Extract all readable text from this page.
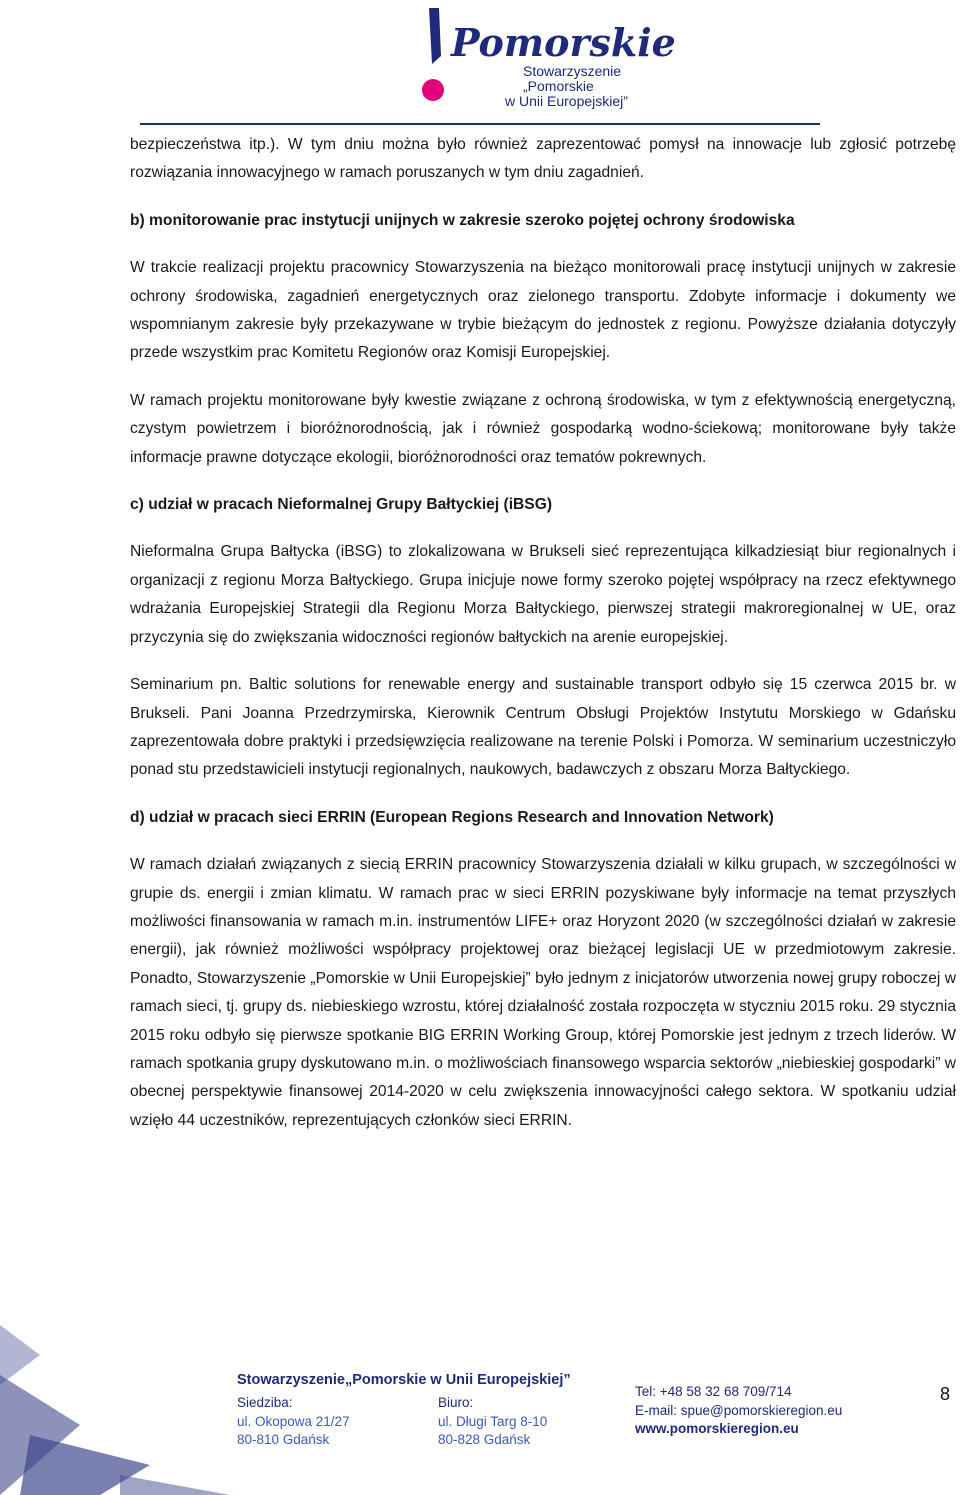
Pomorskie
Stowarzyszenie
„Pomorskie
w Unii Europejskiej”

bezpieczeństwa itp.). W tym dniu można było również zaprezentować pomysł na innowacje lub zgłosić potrzebę rozwiązania innowacyjnego w ramach poruszanych w tym dniu zagadnień.

b) monitorowanie prac instytucji unijnych w zakresie szeroko pojętej ochrony środowiska

W trakcie realizacji projektu pracownicy Stowarzyszenia na bieżąco monitorowali pracę instytucji unijnych w zakresie ochrony środowiska, zagadnień energetycznych oraz zielonego transportu. Zdobyte informacje i dokumenty we wspomnianym zakresie były przekazywane w trybie bieżącym do jednostek z regionu. Powyższe działania dotyczyły przede wszystkim prac Komitetu Regionów oraz Komisji Europejskiej.

W ramach projektu monitorowane były kwestie związane z ochroną środowiska, w tym z efektywnością energetyczną, czystym powietrzem i bioróżnorodnością, jak i również gospodarką wodno-ściekową; monitorowane były także informacje prawne dotyczące ekologii, bioróżnorodności oraz tematów pokrewnych.

c) udział w pracach Nieformalnej Grupy Bałtyckiej (iBSG)

Nieformalna Grupa Bałtycka (iBSG) to zlokalizowana w Brukseli sieć reprezentująca kilkadziesiąt biur regionalnych i organizacji z regionu Morza Bałtyckiego. Grupa inicjuje nowe formy szeroko pojętej współpracy na rzecz efektywnego wdrażania Europejskiej Strategii dla Regionu Morza Bałtyckiego, pierwszej strategii makroregionalnej w UE, oraz przyczynia się do zwiększania widoczności regionów bałtyckich na arenie europejskiej.

Seminarium pn. Baltic solutions for renewable energy and sustainable transport odbyło się 15 czerwca 2015 br. w Brukseli. Pani Joanna Przedrzymirska, Kierownik Centrum Obsługi Projektów Instytutu Morskiego w Gdańsku zaprezentowała dobre praktyki i przedsięwzięcia realizowane na terenie Polski i Pomorza. W seminarium uczestniczyło ponad stu przedstawicieli instytucji regionalnych, naukowych, badawczych z obszaru Morza Bałtyckiego.

d) udział w pracach sieci ERRIN (European Regions Research and Innovation Network)

W ramach działań związanych z siecią ERRIN pracownicy Stowarzyszenia działali w kilku grupach, w szczególności w grupie ds. energii i zmian klimatu. W ramach prac w sieci ERRIN pozyskiwane były informacje na temat przyszłych możliwości finansowania w ramach m.in. instrumentów LIFE+ oraz Horyzont 2020 (w szczególności działań w zakresie energii), jak również możliwości współpracy projektowej oraz bieżącej legislacji UE w przedmiotowym zakresie. Ponadto, Stowarzyszenie „Pomorskie w Unii Europejskiej” było jednym z inicjatorów utworzenia nowej grupy roboczej w ramach sieci, tj. grupy ds. niebieskiego wzrostu, której działalność została rozpoczęta w styczniu 2015 roku. 29 stycznia 2015 roku odbyło się pierwsze spotkanie BIG ERRIN Working Group, której Pomorskie jest jednym z trzech liderów. W ramach spotkania grupy dyskutowano m.in. o możliwościach finansowego wsparcia sektorów „niebieskiej gospodarki” w obecnej perspektywie finansowej 2014-2020 w celu zwiększenia innowacyjności całego sektora. W spotkaniu udział wzięło 44 uczestników, reprezentujących członków sieci ERRIN.

Stowarzyszenie„Pomorskie w Unii Europejskiej”
Siedziba:
ul. Okopowa 21/27
80-810 Gdańsk
Biuro:
ul. Długi Targ 8-10
80-828 Gdańsk
Tel: +48 58 32 68 709/714
E-mail: spue@pomorskieregion.eu
www.pomorskieregion.eu
8
